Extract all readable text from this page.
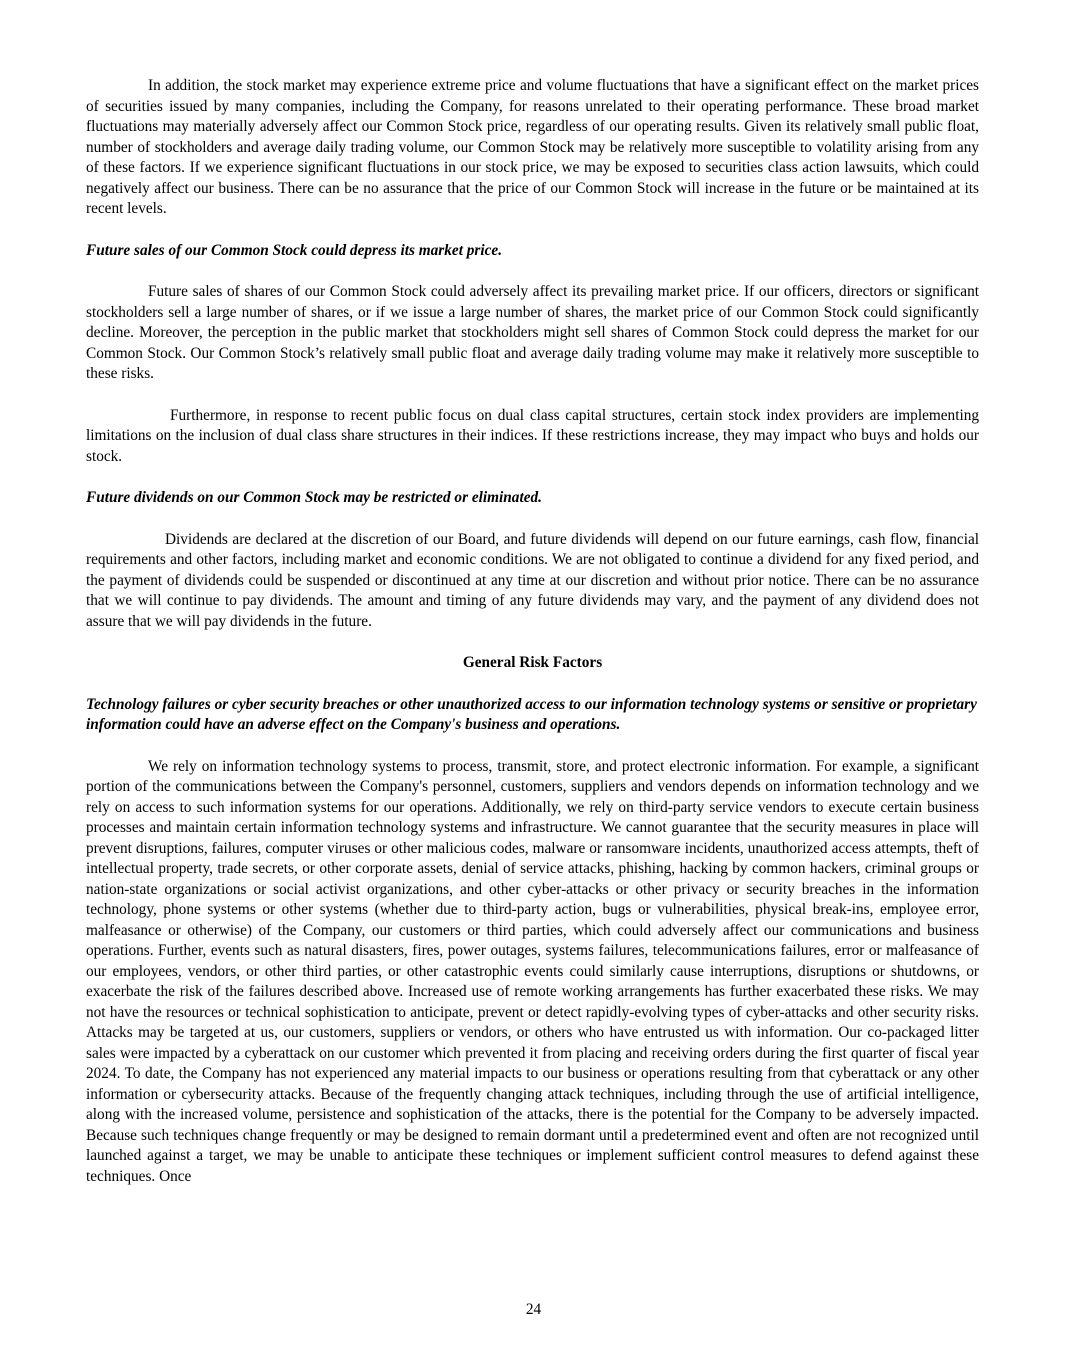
In addition, the stock market may experience extreme price and volume fluctuations that have a significant effect on the market prices of securities issued by many companies, including the Company, for reasons unrelated to their operating performance. These broad market fluctuations may materially adversely affect our Common Stock price, regardless of our operating results. Given its relatively small public float, number of stockholders and average daily trading volume, our Common Stock may be relatively more susceptible to volatility arising from any of these factors. If we experience significant fluctuations in our stock price, we may be exposed to securities class action lawsuits, which could negatively affect our business. There can be no assurance that the price of our Common Stock will increase in the future or be maintained at its recent levels.

Future sales of our Common Stock could depress its market price.

Future sales of shares of our Common Stock could adversely affect its prevailing market price. If our officers, directors or significant stockholders sell a large number of shares, or if we issue a large number of shares, the market price of our Common Stock could significantly decline. Moreover, the perception in the public market that stockholders might sell shares of Common Stock could depress the market for our Common Stock. Our Common Stock’s relatively small public float and average daily trading volume may make it relatively more susceptible to these risks.

Furthermore, in response to recent public focus on dual class capital structures, certain stock index providers are implementing limitations on the inclusion of dual class share structures in their indices. If these restrictions increase, they may impact who buys and holds our stock.

Future dividends on our Common Stock may be restricted or eliminated.

Dividends are declared at the discretion of our Board, and future dividends will depend on our future earnings, cash flow, financial requirements and other factors, including market and economic conditions. We are not obligated to continue a dividend for any fixed period, and the payment of dividends could be suspended or discontinued at any time at our discretion and without prior notice. There can be no assurance that we will continue to pay dividends. The amount and timing of any future dividends may vary, and the payment of any dividend does not assure that we will pay dividends in the future.

General Risk Factors

Technology failures or cyber security breaches or other unauthorized access to our information technology systems or sensitive or proprietary information could have an adverse effect on the Company's business and operations.

We rely on information technology systems to process, transmit, store, and protect electronic information. For example, a significant portion of the communications between the Company's personnel, customers, suppliers and vendors depends on information technology and we rely on access to such information systems for our operations. Additionally, we rely on third-party service vendors to execute certain business processes and maintain certain information technology systems and infrastructure. We cannot guarantee that the security measures in place will prevent disruptions, failures, computer viruses or other malicious codes, malware or ransomware incidents, unauthorized access attempts, theft of intellectual property, trade secrets, or other corporate assets, denial of service attacks, phishing, hacking by common hackers, criminal groups or nation-state organizations or social activist organizations, and other cyber-attacks or other privacy or security breaches in the information technology, phone systems or other systems (whether due to third-party action, bugs or vulnerabilities, physical break-ins, employee error, malfeasance or otherwise) of the Company, our customers or third parties, which could adversely affect our communications and business operations. Further, events such as natural disasters, fires, power outages, systems failures, telecommunications failures, error or malfeasance of our employees, vendors, or other third parties, or other catastrophic events could similarly cause interruptions, disruptions or shutdowns, or exacerbate the risk of the failures described above. Increased use of remote working arrangements has further exacerbated these risks. We may not have the resources or technical sophistication to anticipate, prevent or detect rapidly-evolving types of cyber-attacks and other security risks. Attacks may be targeted at us, our customers, suppliers or vendors, or others who have entrusted us with information. Our co-packaged litter sales were impacted by a cyberattack on our customer which prevented it from placing and receiving orders during the first quarter of fiscal year 2024. To date, the Company has not experienced any material impacts to our business or operations resulting from that cyberattack or any other information or cybersecurity attacks. Because of the frequently changing attack techniques, including through the use of artificial intelligence, along with the increased volume, persistence and sophistication of the attacks, there is the potential for the Company to be adversely impacted. Because such techniques change frequently or may be designed to remain dormant until a predetermined event and often are not recognized until launched against a target, we may be unable to anticipate these techniques or implement sufficient control measures to defend against these techniques. Once

24
